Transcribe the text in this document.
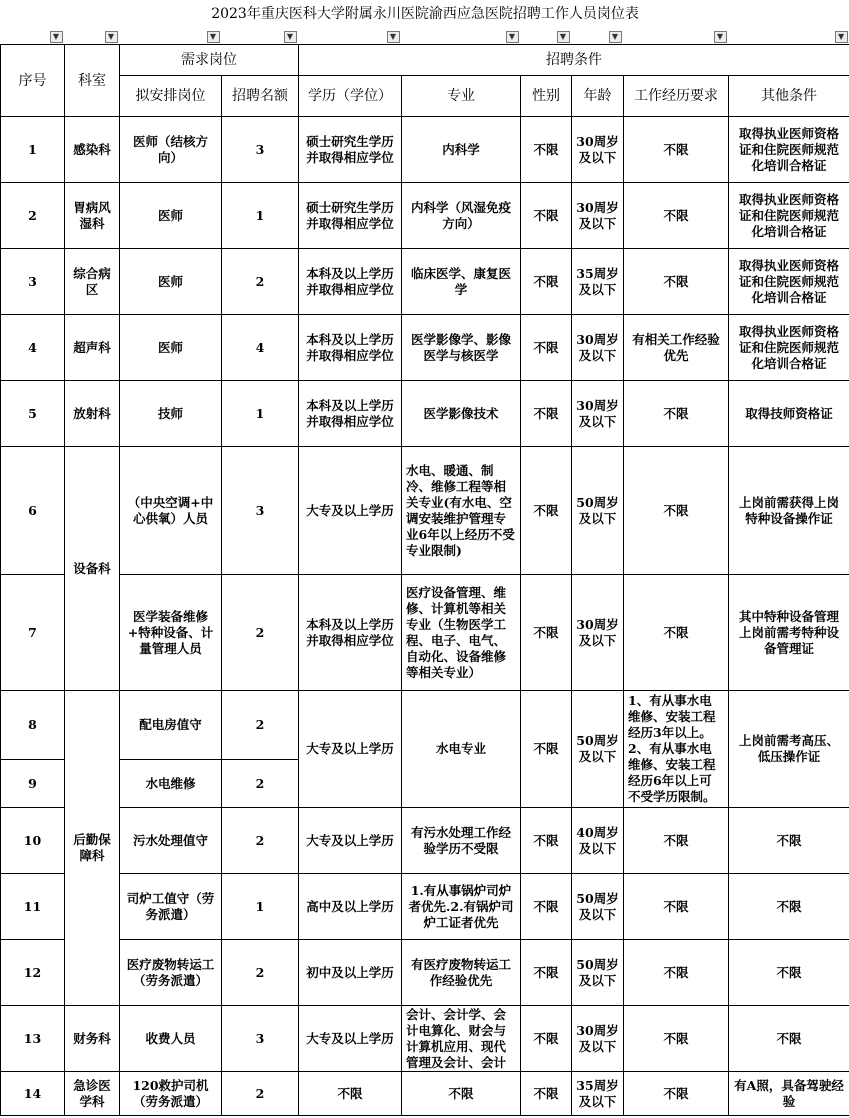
2023年重庆医科大学附属永川医院渝西应急医院招聘工作人员岗位表									

▼	▼	▼	▼	▼	▼	▼	▼	▼	▼

序号	科室	需求岗位		招聘条件					
		拟安排岗位	招聘名额	学历（学位）	专业	性别	年龄	工作经历要求	其他条件
1	感染科	医师（结核方向）	3	硕士研究生学历并取得相应学位	内科学	不限	30周岁及以下	不限	取得执业医师资格证和住院医师规范化培训合格证
2	胃病风湿科	医师	1	硕士研究生学历并取得相应学位	内科学（风湿免疫方向）	不限	30周岁及以下	不限	取得执业医师资格证和住院医师规范化培训合格证
3	综合病区	医师	2	本科及以上学历并取得相应学位	临床医学、康复医学	不限	35周岁及以下	不限	取得执业医师资格证和住院医师规范化培训合格证
4	超声科	医师	4	本科及以上学历并取得相应学位	医学影像学、影像医学与核医学	不限	30周岁及以下	有相关工作经验优先	取得执业医师资格证和住院医师规范化培训合格证
5	放射科	技师	1	本科及以上学历并取得相应学位	医学影像技术	不限	30周岁及以下	不限	取得技师资格证
6	设备科	（中央空调+中心供氧）人员	3	大专及以上学历	水电、暖通、制冷、维修工程等相关专业(有水电、空调安装维护管理专业6年以上经历不受专业限制)	不限	50周岁及以下	不限	上岗前需获得上岗特种设备操作证
7		医学装备维修+特种设备、计量管理人员	2	本科及以上学历并取得相应学位	医疗设备管理、维修、计算机等相关专业（生物医学工程、电子、电气、自动化、设备维修等相关专业）	不限	30周岁及以下	不限	其中特种设备管理上岗前需考特种设备管理证
8	后勤保障科	配电房值守	2	大专及以上学历	水电专业	不限	50周岁及以下	1、有从事水电维修、安装工程经历3年以上。2、有从事水电维修、安装工程经历6年以上可不受学历限制。	上岗前需考高压、低压操作证
9		水电维修	2						
10		污水处理值守	2	大专及以上学历	有污水处理工作经验学历不受限	不限	40周岁及以下	不限	不限
11		司炉工值守（劳务派遣）	1	高中及以上学历	1.有从事锅炉司炉者优先.2.有锅炉司炉工证者优先	不限	50周岁及以下	不限	不限
12		医疗废物转运工（劳务派遣）	2	初中及以上学历	有医疗废物转运工作经验优先	不限	50周岁及以下	不限	不限
13	财务科	收费人员	3	大专及以上学历	会计、会计学、会计电算化、财会与计算机应用、现代管理及会计、会计	不限	30周岁及以下	不限	不限
14	急诊医学科	120救护司机（劳务派遣）	2	不限	不限	不限	35周岁及以下	不限	有A照，具备驾驶经验
